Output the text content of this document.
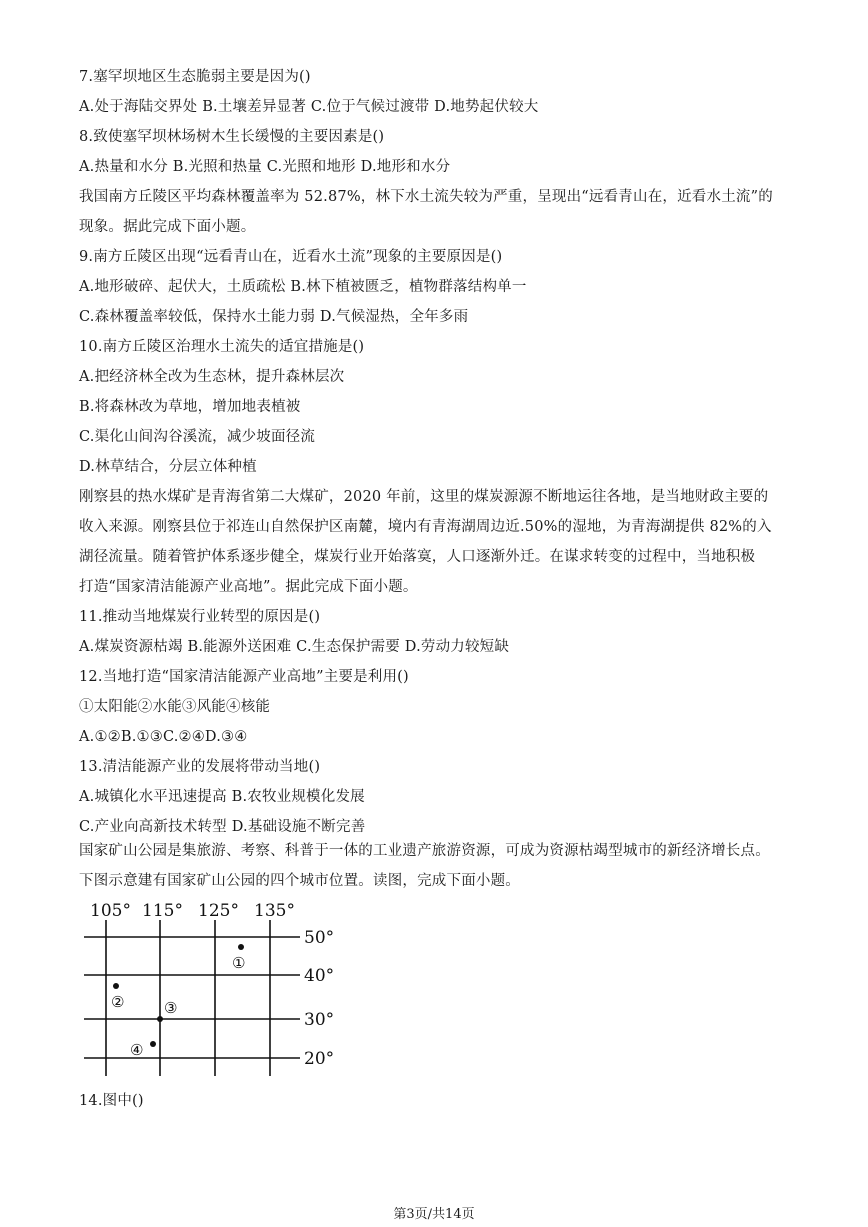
7.塞罕坝地区生态脆弱主要是因为()
A.处于海陆交界处 B.土壤差异显著 C.位于气候过渡带 D.地势起伏较大
8.致使塞罕坝林场树木生长缓慢的主要因素是()
A.热量和水分 B.光照和热量 C.光照和地形 D.地形和水分
我国南方丘陵区平均森林覆盖率为 52.87%，林下水土流失较为严重，呈现出“远看青山在，近看水土流”的
现象。据此完成下面小题。
9.南方丘陵区出现“远看青山在，近看水土流”现象的主要原因是()
A.地形破碎、起伏大，土质疏松 B.林下植被匮乏，植物群落结构单一
C.森林覆盖率较低，保持水土能力弱 D.气候湿热，全年多雨
10.南方丘陵区治理水土流失的适宜措施是()
A.把经济林全改为生态林，提升森林层次
B.将森林改为草地，增加地表植被
C.渠化山间沟谷溪流，减少坡面径流
D.林草结合，分层立体种植
刚察县的热水煤矿是青海省第二大煤矿，2020 年前，这里的煤炭源源不断地运往各地，是当地财政主要的
收入来源。刚察县位于祁连山自然保护区南麓，境内有青海湖周边近.50%的湿地，为青海湖提供 82%的入
湖径流量。随着管护体系逐步健全，煤炭行业开始落寞，人口逐渐外迁。在谋求转变的过程中，当地积极
打造“国家清洁能源产业高地”。据此完成下面小题。
11.推动当地煤炭行业转型的原因是()
A.煤炭资源枯竭 B.能源外送困难 C.生态保护需要 D.劳动力较短缺
12.当地打造“国家清洁能源产业高地”主要是利用()
①太阳能②水能③风能④核能
A.①②B.①③C.②④D.③④
13.清洁能源产业的发展将带动当地()
A.城镇化水平迅速提高 B.农牧业规模化发展
C.产业向高新技术转型 D.基础设施不断完善
国家矿山公园是集旅游、考察、科普于一体的工业遗产旅游资源，可成为资源枯竭型城市的新经济增长点。
下图示意建有国家矿山公园的四个城市位置。读图，完成下面小题。
105° 115° 125° 135°
50°
40°
30°
20°
①
②	③
④
14.图中()
第3页/共14页
